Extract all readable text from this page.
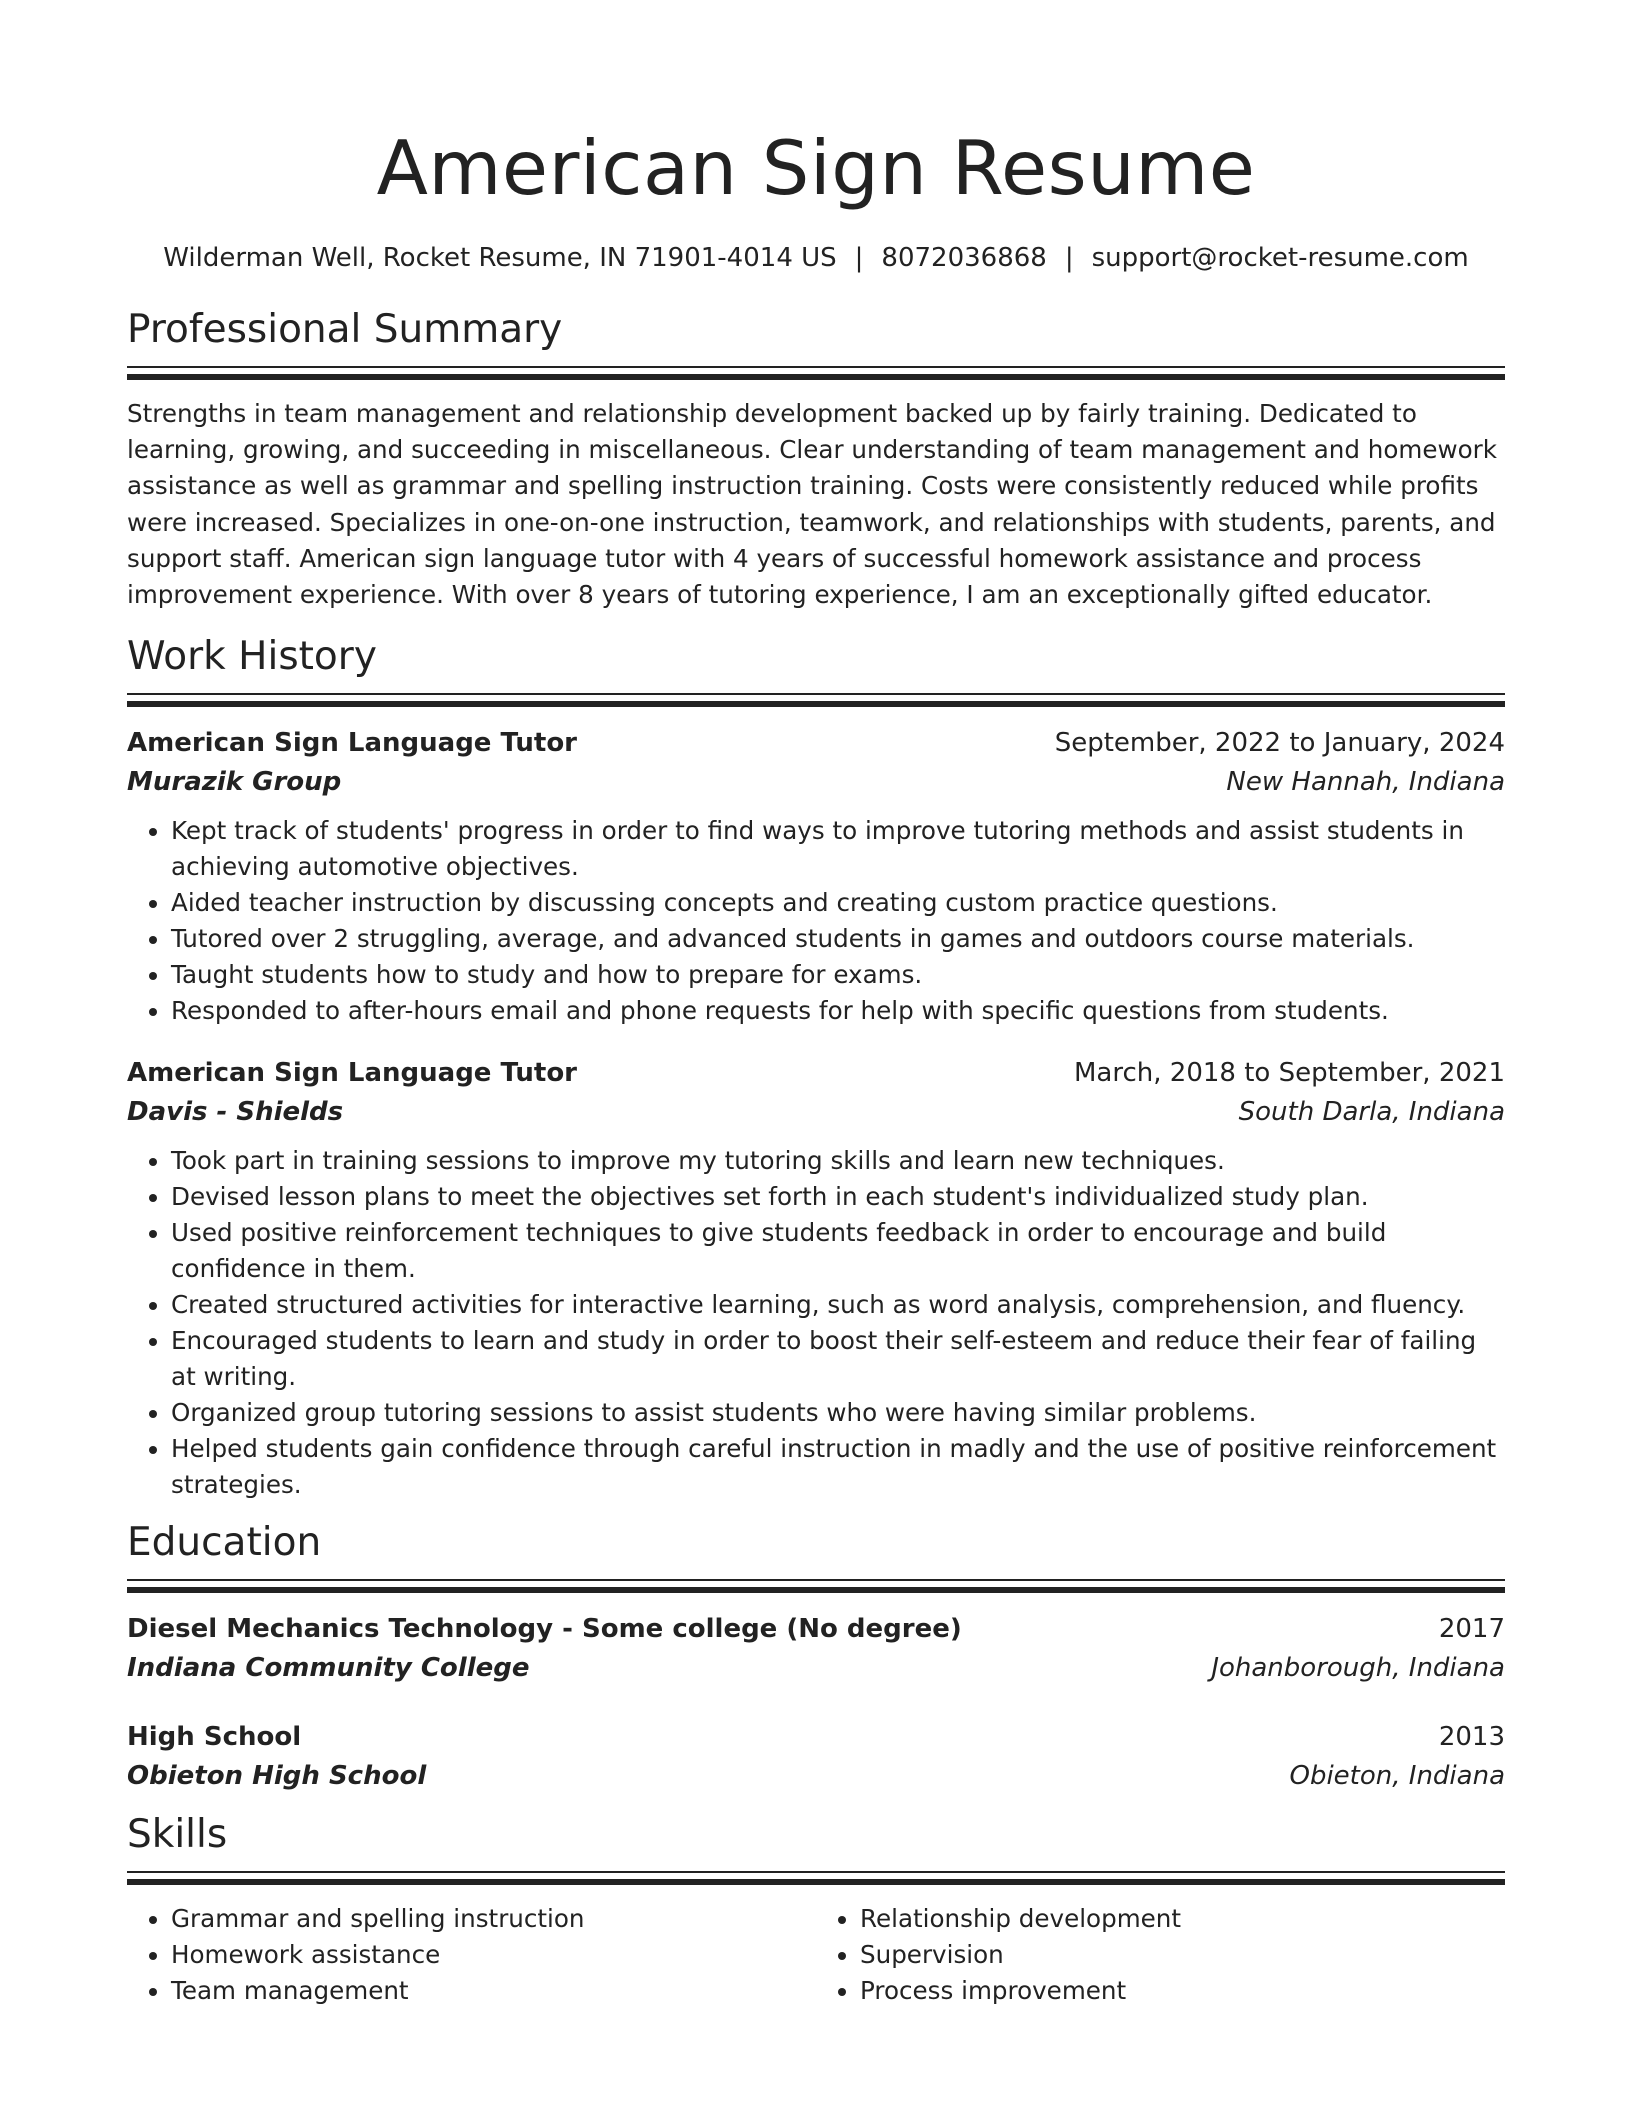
American Sign Resume
Wilderman Well, Rocket Resume, IN 71901-4014 US | 8072036868 | support@rocket-resume.com
Professional Summary

Strengths in team management and relationship development backed up by fairly training. Dedicated to learning, growing, and succeeding in miscellaneous. Clear understanding of team management and homework assistance as well as grammar and spelling instruction training. Costs were consistently reduced while profits were increased. Specializes in one-on-one instruction, teamwork, and relationships with students, parents, and support staff. American sign language tutor with 4 years of successful homework assistance and process improvement experience. With over 8 years of tutoring experience, I am an exceptionally gifted educator.

Work History
American Sign Language Tutor	September, 2022 to January, 2024
Murazik Group	New Hannah, Indiana
• Kept track of students' progress in order to find ways to improve tutoring methods and assist students in achieving automotive objectives.
• Aided teacher instruction by discussing concepts and creating custom practice questions.
• Tutored over 2 struggling, average, and advanced students in games and outdoors course materials.
• Taught students how to study and how to prepare for exams.
• Responded to after-hours email and phone requests for help with specific questions from students.
American Sign Language Tutor	March, 2018 to September, 2021
Davis - Shields	South Darla, Indiana
• Took part in training sessions to improve my tutoring skills and learn new techniques.
• Devised lesson plans to meet the objectives set forth in each student's individualized study plan.
• Used positive reinforcement techniques to give students feedback in order to encourage and build confidence in them.
• Created structured activities for interactive learning, such as word analysis, comprehension, and fluency.
• Encouraged students to learn and study in order to boost their self-esteem and reduce their fear of failing at writing.
• Organized group tutoring sessions to assist students who were having similar problems.
• Helped students gain confidence through careful instruction in madly and the use of positive reinforcement strategies.
Education
Diesel Mechanics Technology - Some college (No degree)	2017
Indiana Community College	Johanborough, Indiana
High School	2013
Obieton High School	Obieton, Indiana
Skills
• Grammar and spelling instruction
• Homework assistance
• Team management
• Relationship development
• Supervision
• Process improvement
